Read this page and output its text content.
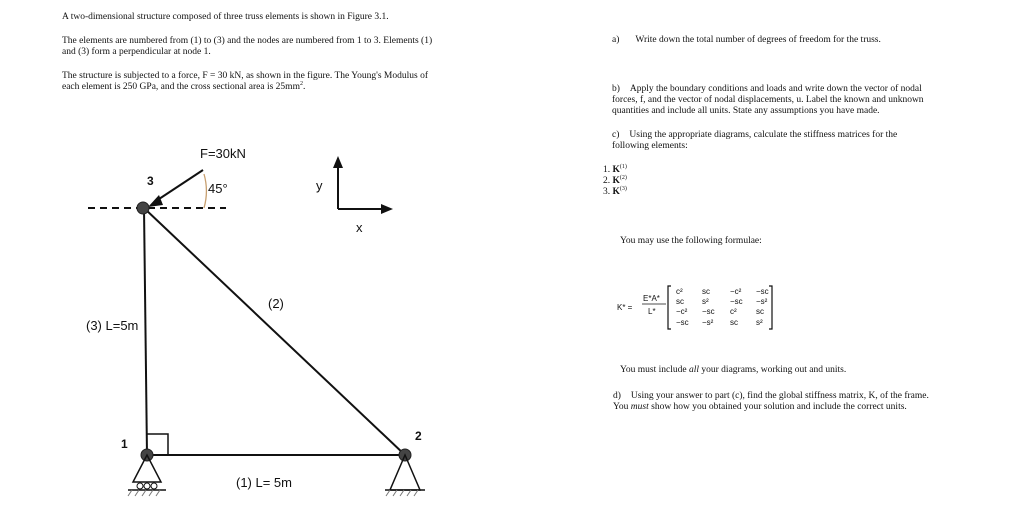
A two-dimensional structure composed of three truss elements is shown in Figure 3.1.

The elements are numbered from (1) to (3) and the nodes are numbered from 1 to 3. Elements (1)

and (3) form a perpendicular at node 1.

The structure is subjected to a force, F = 30 kN, as shown in the figure. The Young's Modulus of

each element is 250 GPa, and the cross sectional area is $25mm^2$.

F=30kN
45°
3
1
2
(1) L= 5m
(2)
(3) L=5m
y
x
K* =
E*A*
L*
c² sc	−c² −sc
sc s²	−sc −s²
−c² −sc c² sc
−sc −s² sc s²

a) Write down the total number of degrees of freedom for the truss.

b) Apply the boundary conditions and loads and write down the vector of nodal

forces, f, and the vector of nodal displacements, u. Label the known and unknown

quantities and include all units. State any assumptions you have made.

c) Using the appropriate diagrams, calculate the stiffness matrices for the

following elements:

1. $K^{(1)}$

2. $K^{(2)}$

3. $K^{(3)}$

You may use the following formulae:

You must include all your diagrams, working out and units.

d) Using your answer to part (c), find the global stiffness matrix, K, of the frame.

You must show how you obtained your solution and include the correct units.
